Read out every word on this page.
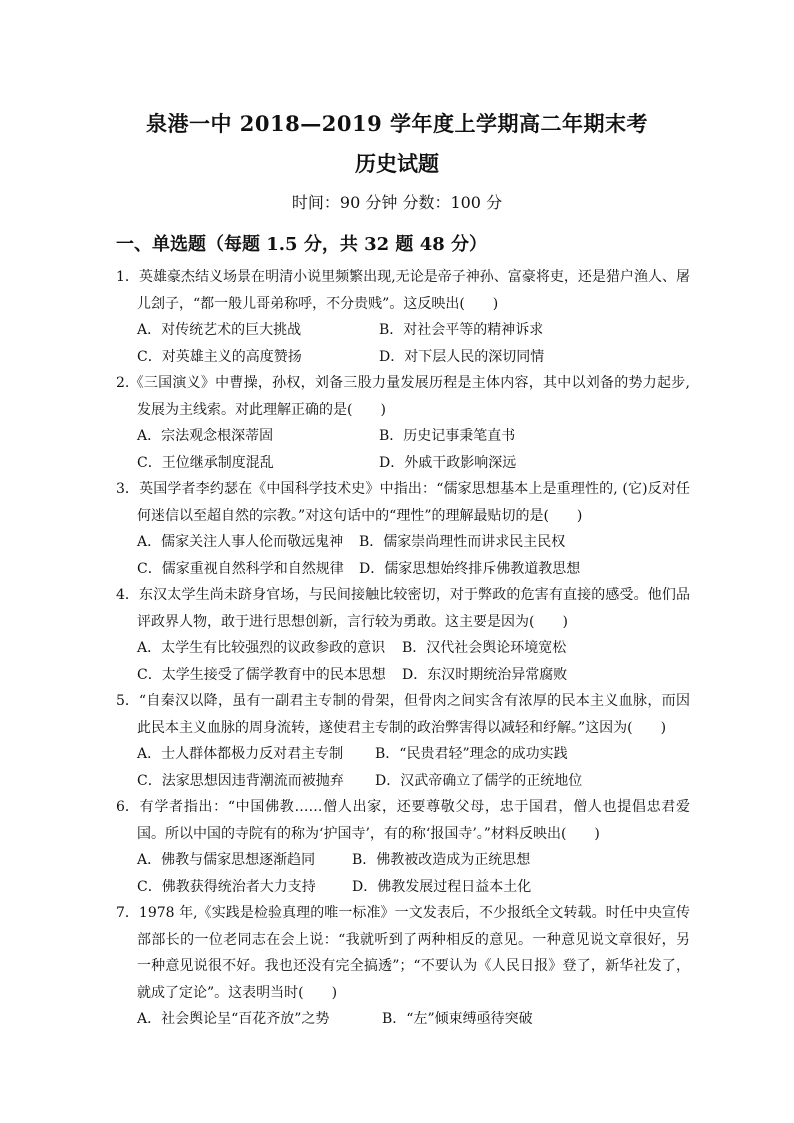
泉港一中 2018—2019 学年度上学期高二年期末考
历史试题
时间：90 分钟 分数：100 分
一、单选题（每题 1.5 分，共 32 题 48 分）
1．英雄豪杰结义场景在明清小说里频繁出现,无论是帝子神孙、富豪将吏，还是猎户渔人、屠儿刽子，“都一般儿哥弟称呼，不分贵贱”。这反映出(　　)
A．对传统艺术的巨大挑战	B．对社会平等的精神诉求
C．对英雄主义的高度赞扬	D．对下层人民的深切同情
2.《三国演义》中曹操，孙权，刘备三股力量发展历程是主体内容，其中以刘备的势力起步,发展为主线索。对此理解正确的是(　　)
A．宗法观念根深蒂固	B．历史记事秉笔直书
C．王位继承制度混乱	D．外戚干政影响深远
3．英国学者李约瑟在《中国科学技术史》中指出：“儒家思想基本上是重理性的, (它)反对任何迷信以至超自然的宗教。”对这句话中的“理性”的理解最贴切的是(　　)
A．儒家关注人事人伦而敬远鬼神	B．儒家崇尚理性而讲求民主民权
C．儒家重视自然科学和自然规律	D．儒家思想始终排斥佛教道教思想
4．东汉太学生尚未跻身官场，与民间接触比较密切，对于弊政的危害有直接的感受。他们品评政界人物，敢于进行思想创新，言行较为勇敢。这主要是因为(　　)
A．太学生有比较强烈的议政参政的意识	B．汉代社会舆论环境宽松
C．太学生接受了儒学教育中的民本思想	D．东汉时期统治异常腐败
5．“自秦汉以降，虽有一副君主专制的骨架，但骨肉之间实含有浓厚的民本主义血脉，而因此民本主义血脉的周身流转，遂使君主专制的政治弊害得以减轻和纾解。”这因为(　　)
A．士人群体都极力反对君主专制	B．“民贵君轻”理念的成功实践
C．法家思想因违背潮流而被抛弃	D．汉武帝确立了儒学的正统地位
6．有学者指出：“中国佛教……僧人出家，还要尊敬父母，忠于国君，僧人也提倡忠君爱国。所以中国的寺院有的称为‘护国寺’，有的称‘报国寺’。”材料反映出(　　)
A．佛教与儒家思想逐渐趋同	B．佛教被改造成为正统思想
C．佛教获得统治者大力支持	D．佛教发展过程日益本土化
7．1978 年,《实践是检验真理的唯一标准》一文发表后，不少报纸全文转载。时任中央宣传部部长的一位老同志在会上说：“我就听到了两种相反的意见。一种意见说文章很好，另一种意见说很不好。我也还没有完全搞透”；“不要认为《人民日报》登了，新华社发了，就成了定论”。这表明当时(　　)
A．社会舆论呈“百花齐放”之势	B．“左”倾束缚亟待突破
